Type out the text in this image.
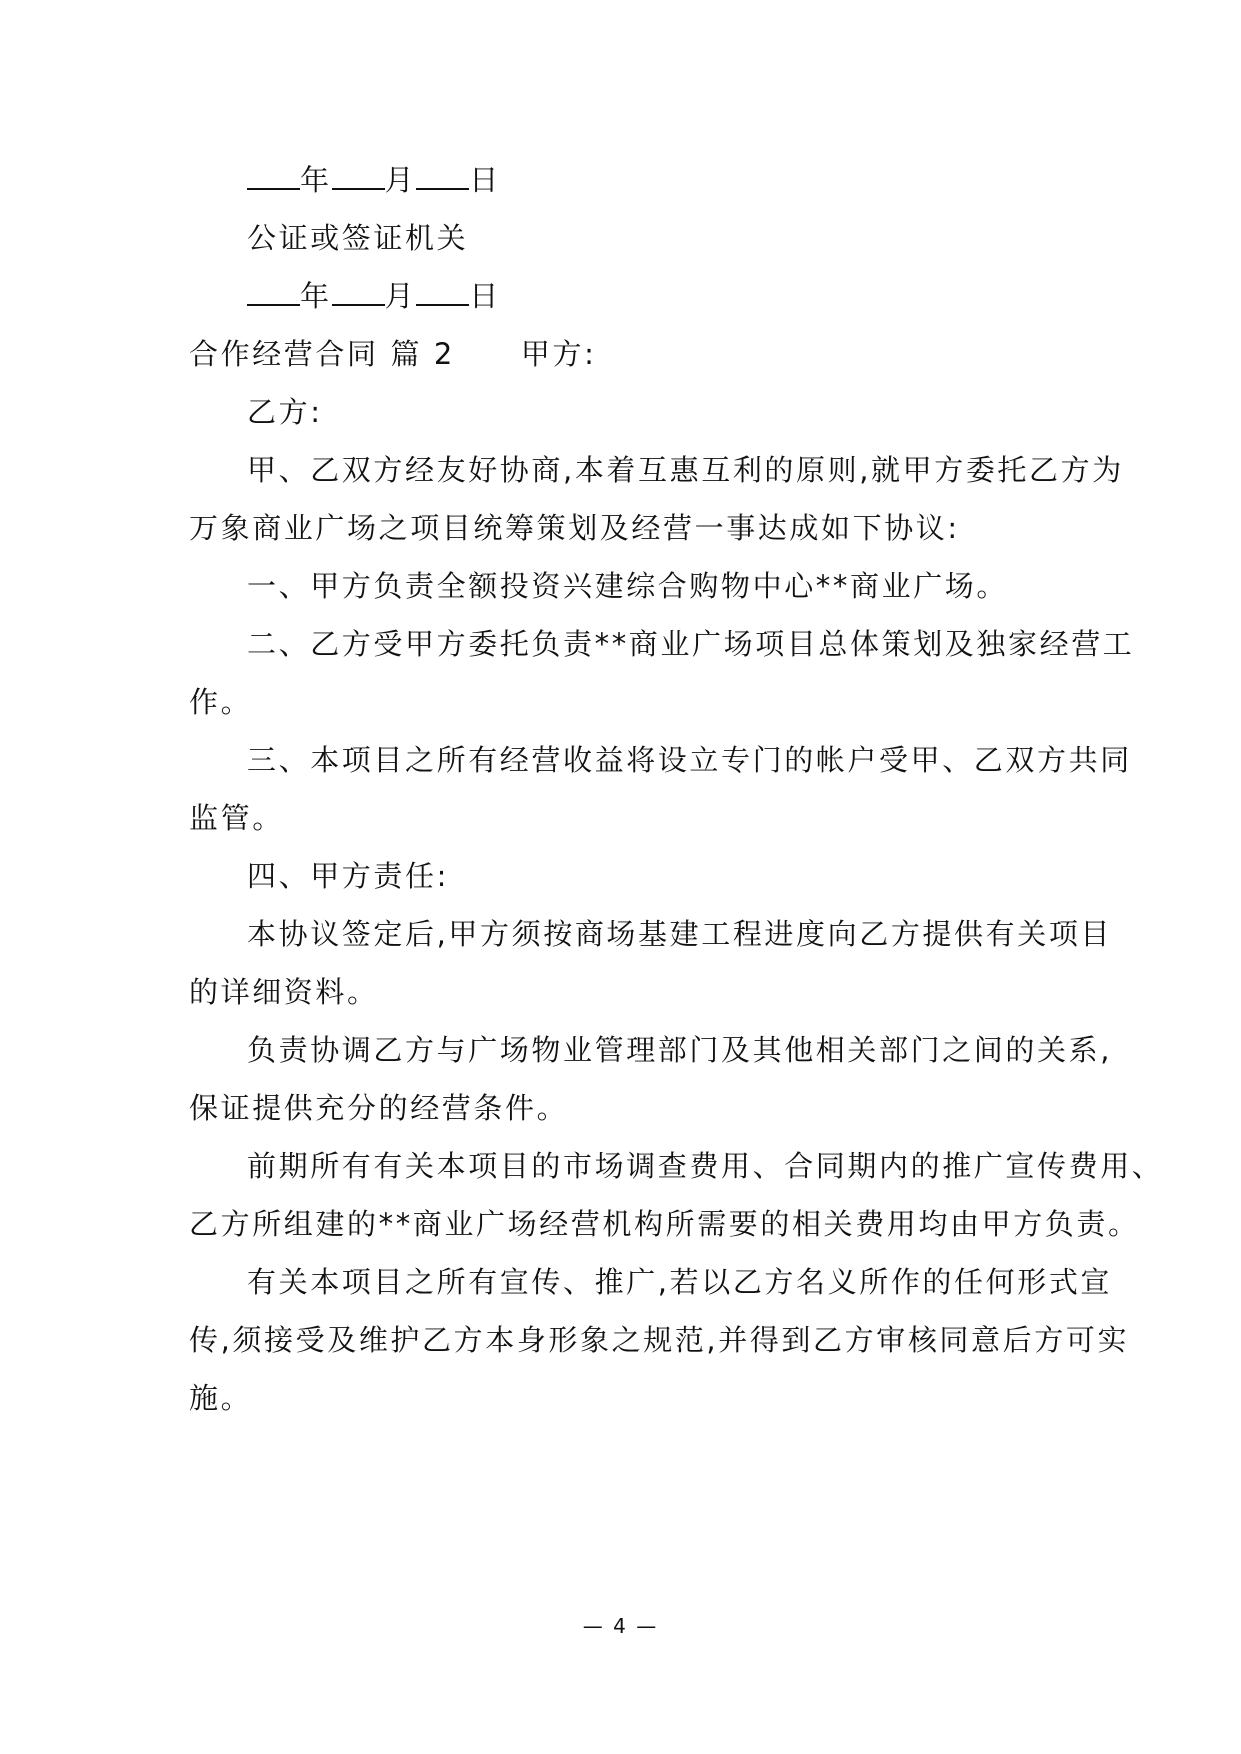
年 月 日
公证或签证机关
年 月 日
合作经营合同 篇 2 甲方:
乙方:
甲、乙双方经友好协商,本着互惠互利的原则,就甲方委托乙方为
万象商业广场之项目统筹策划及经营一事达成如下协议:
一、甲方负责全额投资兴建综合购物中心**商业广场。
二、乙方受甲方委托负责**商业广场项目总体策划及独家经营工
作。
三、本项目之所有经营收益将设立专门的帐户受甲、乙双方共同
监管。
四、甲方责任:
本协议签定后,甲方须按商场基建工程进度向乙方提供有关项目
的详细资料。
负责协调乙方与广场物业管理部门及其他相关部门之间的关系,
保证提供充分的经营条件。
前期所有有关本项目的市场调查费用、合同期内的推广宣传费用、
乙方所组建的**商业广场经营机构所需要的相关费用均由甲方负责。
有关本项目之所有宣传、推广,若以乙方名义所作的任何形式宣
传,须接受及维护乙方本身形象之规范,并得到乙方审核同意后方可实
施。
— 4 —
